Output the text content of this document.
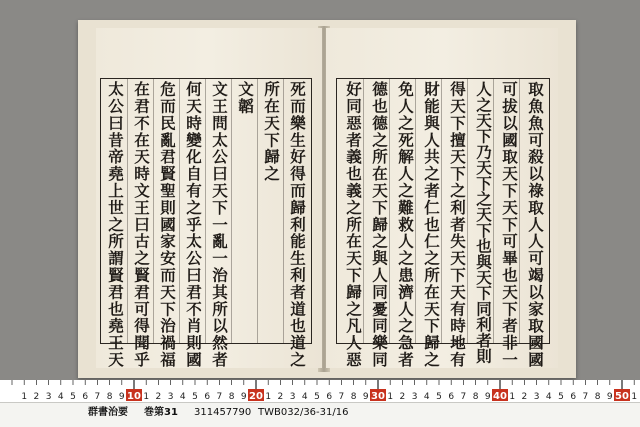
死而樂生好得而歸利能生利者道也道之
所在天下歸之
文韜
文王問太公曰天下一亂一治其所以然者
何天時變化自有之乎太公曰君不肖則國
危而民亂君賢聖則國家安而天下治禍福
在君不在天時文王曰古之賢君可得聞乎
太公曰昔帝堯上世之所謂賢君也堯王天	取魚魚可殺以祿取人人可竭以家取國國
可拔以國取天下天下可畢也天下者非一
人之天下乃天下之天下也與天下同利者則
得天下擅天下之利者失天下天有時地有
財能與人共之者仁也仁之所在天下歸之
免人之死解人之難救人之患濟人之急者
德也德之所在天下歸之與人同憂同樂同
好同惡者義也義之所在天下歸之凡人惡
1 2 3 4 5 6 7 8 9 10 1 2 3 4 5 6 7 8 9 20 1 2 3 4 5 6 7 8 9 30 1 2 3 4 5 6 7 8 9 40 1 2 3 4 5 6 7 8 9 50 1
群書治要 巻第31 311457790 TWB032/36-31/16
